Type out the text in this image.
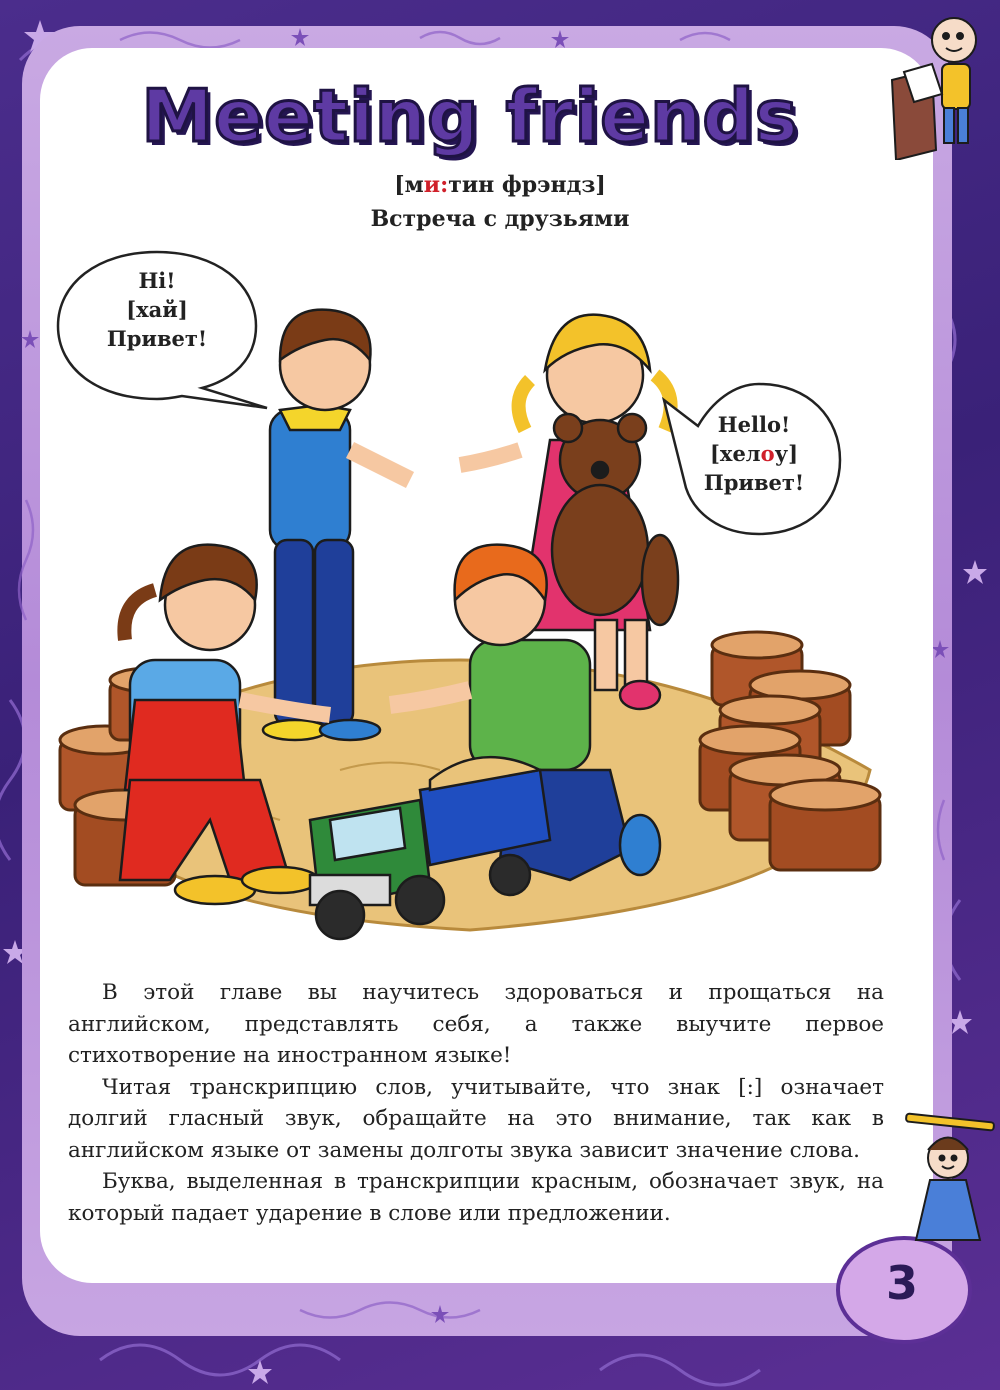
Meeting friends
[ми:тин фрэндз]
Встреча с друзьями
Hi!
[хай]
Привет!
Hello!
[хелоу]
Привет!

В этой главе вы научитесь здороваться и прощаться на английском, представлять себя, а также выучите первое стихотворение на иностранном языке!

Читая транскрипцию слов, учитывайте, что знак [:] означает долгий гласный звук, обращайте на это внимание, так как в английском языке от замены долготы звука зависит значение слова.

Буква, выделенная в транскрипции красным, обозначает звук, на который падает ударение в слове или предложении.

3
